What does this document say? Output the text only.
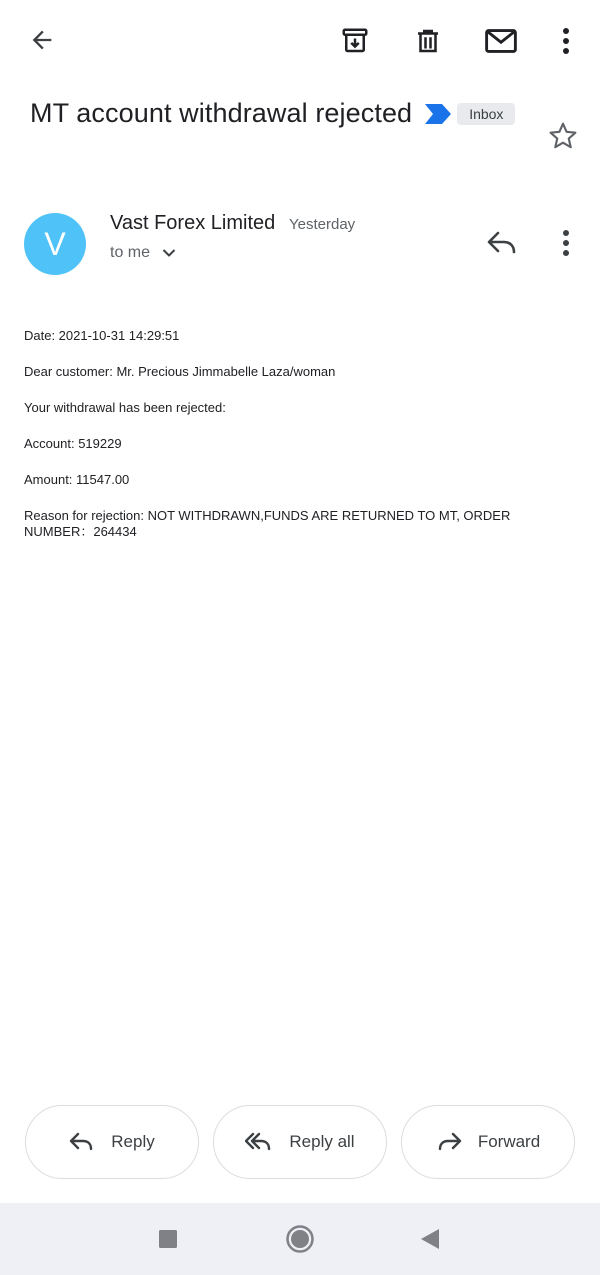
MT account withdrawal rejected	Inbox
V
Vast Forex Limited Yesterday
to me

Date: 2021-10-31 14:29:51

Dear customer: Mr. Precious Jimmabelle Laza/woman

Your withdrawal has been rejected:

Account: 519229

Amount: 11547.00

Reason for rejection: NOT WITHDRAWN,FUNDS ARE RETURNED TO MT, ORDER NUMBER：264434

Reply	Reply all	Forward
